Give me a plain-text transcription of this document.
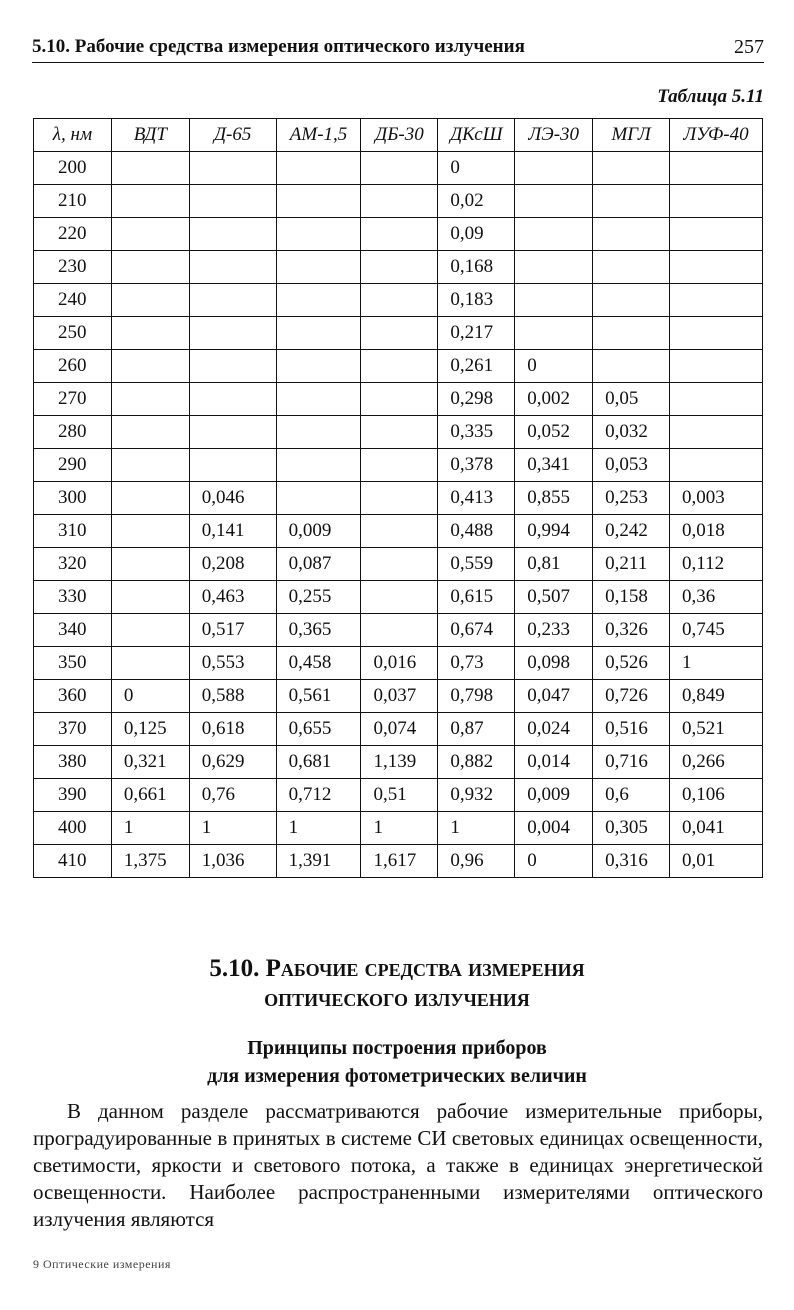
5.10. Рабочие средства измерения оптического излучения	257
Таблица 5.11
λ, нм	ВДТ	Д-65	АМ-1,5	ДБ-30	ДКсШ	ЛЭ-30	МГЛ	ЛУФ-40
200					0			
210					0,02			
220					0,09			
230					0,168			
240					0,183			
250					0,217			
260					0,261	0		
270					0,298	0,002	0,05	
280					0,335	0,052	0,032	
290					0,378	0,341	0,053	
300		0,046			0,413	0,855	0,253	0,003
310		0,141	0,009		0,488	0,994	0,242	0,018
320		0,208	0,087		0,559	0,81	0,211	0,112
330		0,463	0,255		0,615	0,507	0,158	0,36
340		0,517	0,365		0,674	0,233	0,326	0,745
350		0,553	0,458	0,016	0,73	0,098	0,526	1
360	0	0,588	0,561	0,037	0,798	0,047	0,726	0,849
370	0,125	0,618	0,655	0,074	0,87	0,024	0,516	0,521
380	0,321	0,629	0,681	1,139	0,882	0,014	0,716	0,266
390	0,661	0,76	0,712	0,51	0,932	0,009	0,6	0,106
400	1	1	1	1	1	0,004	0,305	0,041
410	1,375	1,036	1,391	1,617	0,96	0	0,316	0,01
5.10. Рабочие средства измерения
оптического излучения
Принципы построения приборов
для измерения фотометрических величин
В данном разделе рассматриваются рабочие измерительные приборы, проградуированные в принятых в системе СИ световых единицах освещенности, светимости, яркости и светового потока, а также в единицах энергетической освещенности. Наиболее распространенными измерителями оптического излучения являются
9 Оптические измерения
